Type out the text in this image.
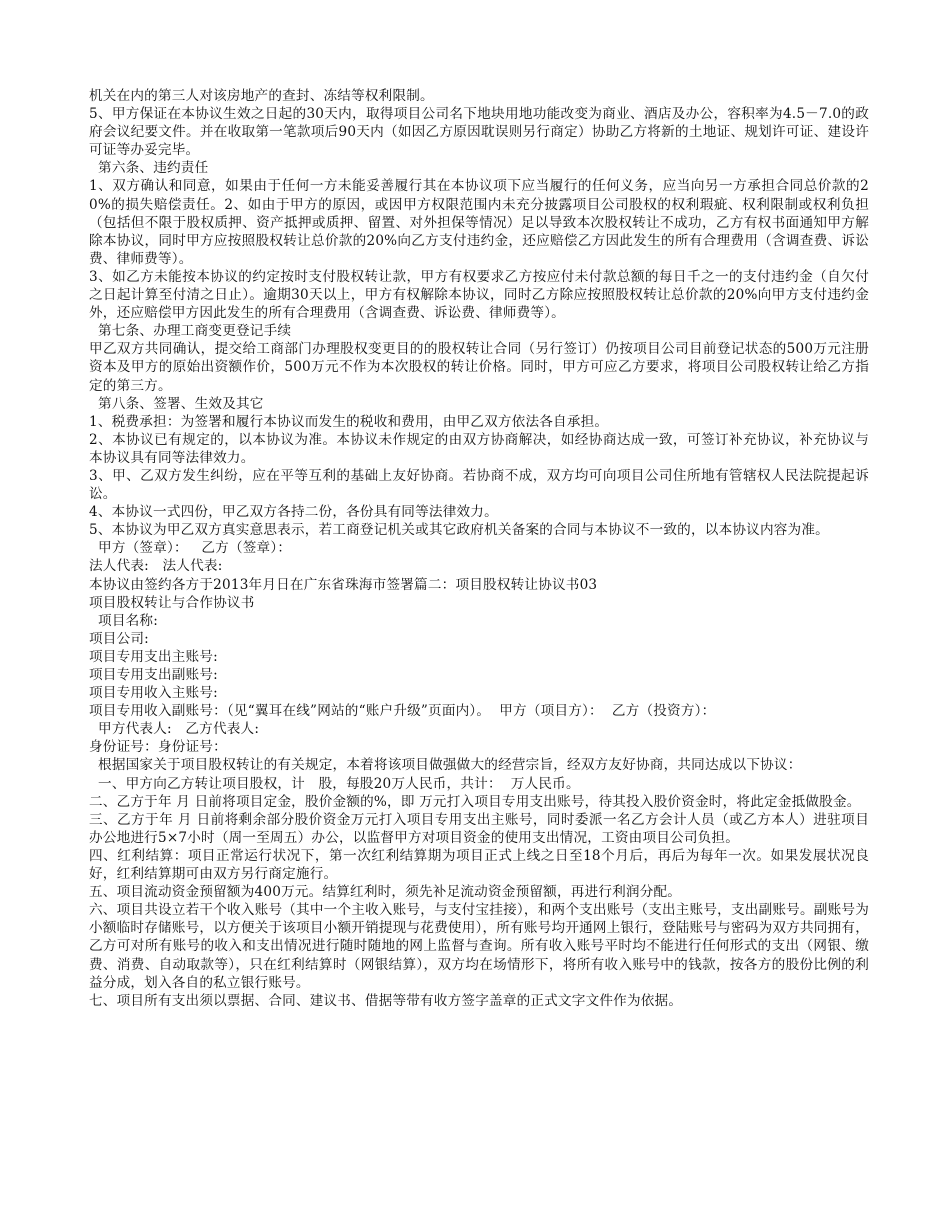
机关在内的第三人对该房地产的查封、冻结等权利限制。

5、甲方保证在本协议生效之日起的30天内，取得项目公司名下地块用地功能改变为商业、酒店及办公，容积率为4.5－7.0的政府会议纪要文件。并在收取第一笔款项后90天内（如因乙方原因耽误则另行商定）协助乙方将新的土地证、规划许可证、建设许可证等办妥完毕。

第六条、违约责任

1、双方确认和同意，如果由于任何一方未能妥善履行其在本协议项下应当履行的任何义务，应当向另一方承担合同总价款的20%的损失赔偿责任。2、如由于甲方的原因，或因甲方权限范围内未充分披露项目公司股权的权利瑕疵、权利限制或权利负担（包括但不限于股权质押、资产抵押或质押、留置、对外担保等情况）足以导致本次股权转让不成功，乙方有权书面通知甲方解除本协议，同时甲方应按照股权转让总价款的20%向乙方支付违约金，还应赔偿乙方因此发生的所有合理费用（含调查费、诉讼费、律师费等）。

3、如乙方未能按本协议的约定按时支付股权转让款，甲方有权要求乙方按应付未付款总额的每日千之一的支付违约金（自欠付之日起计算至付清之日止）。逾期30天以上，甲方有权解除本协议，同时乙方除应按照股权转让总价款的20%向甲方支付违约金外，还应赔偿甲方因此发生的所有合理费用（含调查费、诉讼费、律师费等）。

第七条、办理工商变更登记手续

甲乙双方共同确认，提交给工商部门办理股权变更目的的股权转让合同（另行签订）仍按项目公司目前登记状态的500万元注册资本及甲方的原始出资额作价，500万元不作为本次股权的转让价格。同时，甲方可应乙方要求，将项目公司股权转让给乙方指定的第三方。

第八条、签署、生效及其它

1、税费承担：为签署和履行本协议而发生的税收和费用，由甲乙双方依法各自承担。

2、本协议已有规定的，以本协议为准。本协议未作规定的由双方协商解决，如经协商达成一致，可签订补充协议，补充协议与本协议具有同等法律效力。

3、甲、乙双方发生纠纷，应在平等互利的基础上友好协商。若协商不成，双方均可向项目公司住所地有管辖权人民法院提起诉讼。

4、本协议一式四份，甲乙双方各持二份，各份具有同等法律效力。

5、本协议为甲乙双方真实意思表示，若工商登记机关或其它政府机关备案的合同与本协议不一致的，以本协议内容为准。

甲方（签章）：   乙方（签章）：

法人代表:   法人代表:

本协议由签约各方于2013年月日在广东省珠海市签署篇二：项目股权转让协议书03

项目股权转让与合作协议书

项目名称:

项目公司:

项目专用支出主账号:

项目专用支出副账号:

项目专用收入主账号:

项目专用收入副账号：（见“翼耳在线”网站的“账户升级”页面内）。  甲方（项目方）：  乙方（投资方）：

甲方代表人:   乙方代表人:

身份证号：身份证号：

根据国家关于项目股权转让的有关规定，本着将该项目做强做大的经营宗旨，经双方友好协商，共同达成以下协议：

一、甲方向乙方转让项目股权，计   股，每股20万人民币，共计：  万人民币。

二、乙方于年 月 日前将项目定金，股价金额的%，即 万元打入项目专用支出账号，待其投入股价资金时，将此定金抵做股金。

三、乙方于年 月 日前将剩余部分股价资金万元打入项目专用支出主账号，同时委派一名乙方会计人员（或乙方本人）进驻项目办公地进行5×7小时（周一至周五）办公，以监督甲方对项目资金的使用支出情况，工资由项目公司负担。

四、红利结算：项目正常运行状况下，第一次红利结算期为项目正式上线之日至18个月后，再后为每年一次。如果发展状况良好，红利结算期可由双方另行商定施行。

五、项目流动资金预留额为400万元。结算红利时，须先补足流动资金预留额，再进行利润分配。

六、项目共设立若干个收入账号（其中一个主收入账号，与支付宝挂接），和两个支出账号（支出主账号，支出副账号。副账号为小额临时存储账号，以方便关于该项目小额开销提现与花费使用），所有账号均开通网上银行，登陆账号与密码为双方共同拥有，乙方可对所有账号的收入和支出情况进行随时随地的网上监督与查询。所有收入账号平时均不能进行任何形式的支出（网银、缴费、消费、自动取款等），只在红利结算时（网银结算），双方均在场情形下，将所有收入账号中的钱款，按各方的股份比例的利益分成，划入各自的私立银行账号。

七、项目所有支出须以票据、合同、建议书、借据等带有收方签字盖章的正式文字文件作为依据。
